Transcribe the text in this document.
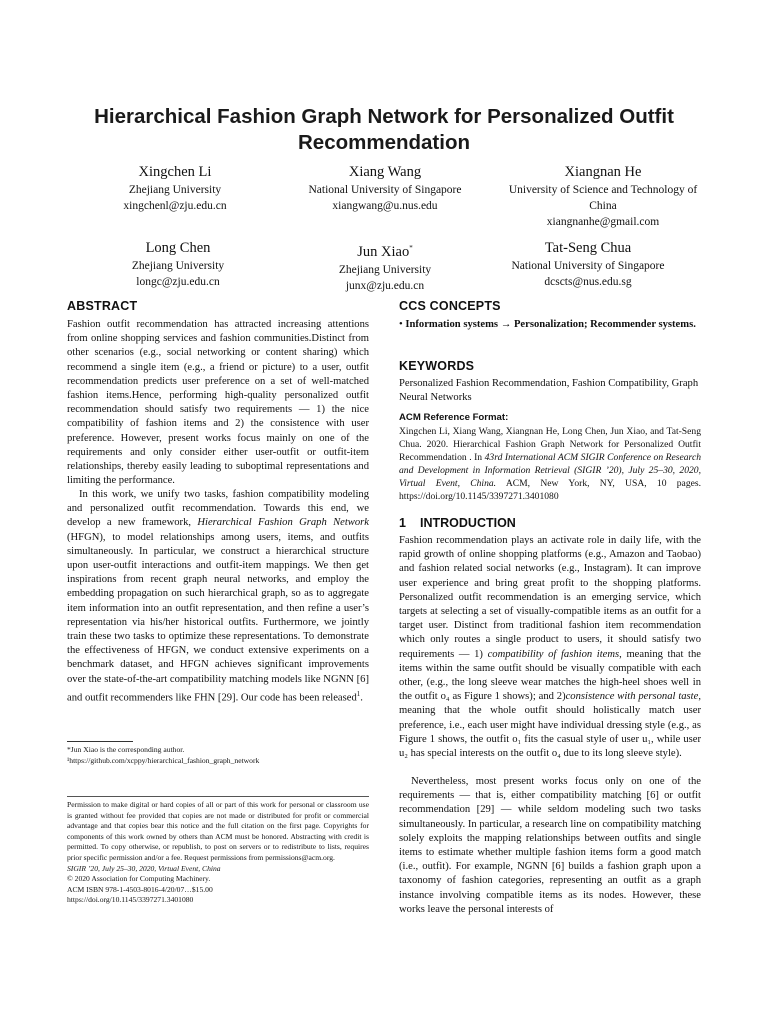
Hierarchical Fashion Graph Network for Personalized Outfit Recommendation
Xingchen Li
Zhejiang University
xingchenl@zju.edu.cn
Xiang Wang
National University of Singapore
xiangwang@u.nus.edu
Xiangnan He
University of Science and Technology of China
xiangnanhe@gmail.com
Long Chen
Zhejiang University
longc@zju.edu.cn
Jun Xiao*
Zhejiang University
junx@zju.edu.cn
Tat-Seng Chua
National University of Singapore
dcscts@nus.edu.sg
ABSTRACT

Fashion outfit recommendation has attracted increasing attentions from online shopping services and fashion communities.Distinct from other scenarios (e.g., social networking or content sharing) which recommend a single item (e.g., a friend or picture) to a user, outfit recommendation predicts user preference on a set of well-matched fashion items.Hence, performing high-quality personalized outfit recommendation should satisfy two requirements — 1) the nice compatibility of fashion items and 2) the consistence with user preference. However, present works focus mainly on one of the requirements and only consider either user-outfit or outfit-item relationships, thereby easily leading to suboptimal representations and limiting the performance.

In this work, we unify two tasks, fashion compatibility modeling and personalized outfit recommendation. Towards this end, we develop a new framework, Hierarchical Fashion Graph Network (HFGN), to model relationships among users, items, and outfits simultaneously. In particular, we construct a hierarchical structure upon user-outfit interactions and outfit-item mappings. We then get inspirations from recent graph neural networks, and employ the embedding propagation on such hierarchical graph, so as to aggregate item information into an outfit representation, and then refine a user’s representation via his/her historical outfits. Furthermore, we jointly train these two tasks to optimize these representations. To demonstrate the effectiveness of HFGN, we conduct extensive experiments on a benchmark dataset, and HFGN achieves significant improvements over the state-of-the-art compatibility matching models like NGNN [6] and outfit recommenders like FHN [29]. Our code has been released$^1$.

*Jun Xiao is the corresponding author.

¹https://github.com/xcppy/hierarchical_fashion_graph_network

Permission to make digital or hard copies of all or part of this work for personal or classroom use is granted without fee provided that copies are not made or distributed for profit or commercial advantage and that copies bear this notice and the full citation on the first page. Copyrights for components of this work owned by others than ACM must be honored. Abstracting with credit is permitted. To copy otherwise, or republish, to post on servers or to redistribute to lists, requires prior specific permission and/or a fee. Request permissions from permissions@acm.org.
SIGIR ’20, July 25–30, 2020, Virtual Event, China
© 2020 Association for Computing Machinery.
ACM ISBN 978-1-4503-8016-4/20/07…$15.00
https://doi.org/10.1145/3397271.3401080
CCS CONCEPTS

• Information systems → Personalization; Recommender systems.

KEYWORDS

Personalized Fashion Recommendation, Fashion Compatibility, Graph Neural Networks

ACM Reference Format:

Xingchen Li, Xiang Wang, Xiangnan He, Long Chen, Jun Xiao, and Tat-Seng Chua. 2020. Hierarchical Fashion Graph Network for Personalized Outfit Recommendation . In 43rd International ACM SIGIR Conference on Research and Development in Information Retrieval (SIGIR ’20), July 25–30, 2020, Virtual Event, China. ACM, New York, NY, USA, 10 pages. https://doi.org/10.1145/3397271.3401080

1 INTRODUCTION

Fashion recommendation plays an activate role in daily life, with the rapid growth of online shopping platforms (e.g., Amazon and Taobao) and fashion related social networks (e.g., Instagram). It can improve user experience and bring great profit to the shopping platforms. Personalized outfit recommendation is an emerging service, which targets at selecting a set of visually-compatible items as an outfit for a target user. Distinct from traditional fashion item recommendation which only routes a single product to users, it should satisfy two requirements — 1) compatibility of fashion items, meaning that the items within the same outfit should be visually compatible with each other, (e.g., the long sleeve wear matches the high-heel shoes well in the outfit o₄ as Figure 1 shows); and 2)consistence with personal taste, meaning that the whole outfit should holistically match user preference, i.e., each user might have individual dressing style (e.g., as Figure 1 shows, the outfit o₁ fits the casual style of user u₁, while user u₂ has special interests on the outfit o₄ due to its long sleeve style).

Nevertheless, most present works focus only on one of the requirements — that is, either compatibility matching [6] or outfit recommendation [29] — while seldom modeling such two tasks simultaneously. In particular, a research line on compatibility matching solely exploits the mapping relationships between outfits and single items to estimate whether multiple fashion items form a good match (i.e., outfit). For example, NGNN [6] builds a fashion graph upon a taxonomy of fashion categories, representing an outfit as a graph instance involving compatible items as its nodes. However, these works leave the personal interests of
